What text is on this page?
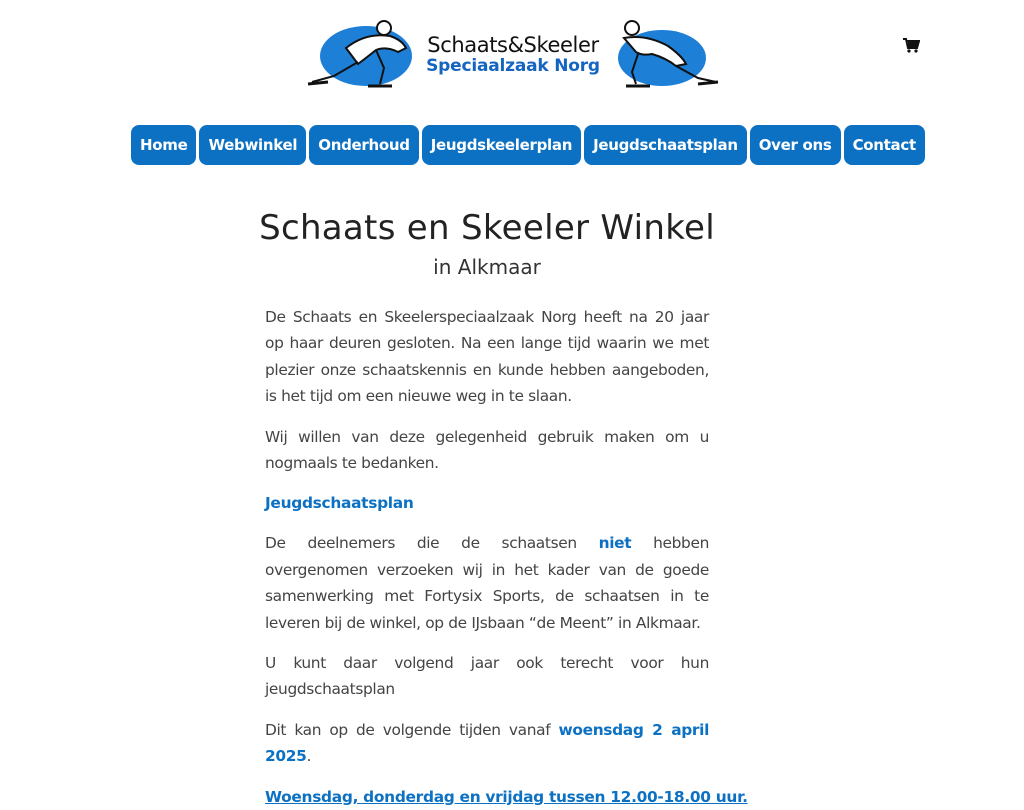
Schaats&Skeeler
Speciaalzaak Norg
Home	Webwinkel	Onderhoud	Jeugdskeelerplan	Jeugdschaatsplan	Over ons	Contact
Schaats en Skeeler Winkel
in Alkmaar

De Schaats en Skeelerspeciaalzaak Norg heeft na 20 jaar op haar deuren gesloten. Na een lange tijd waarin we met plezier onze schaatskennis en kunde hebben aangeboden, is het tijd om een nieuwe weg in te slaan.

Wij willen van deze gelegenheid gebruik maken om u nogmaals te bedanken.

Jeugdschaatsplan

De deelnemers die de schaatsen niet hebben overgenomen verzoeken wij in het kader van de goede samenwerking met Fortysix Sports, de schaatsen in te leveren bij de winkel, op de IJsbaan “de Meent” in Alkmaar.

U kunt daar volgend jaar ook terecht voor hun jeugdschaatsplan

Dit kan op de volgende tijden vanaf woensdag 2 april 2025.

Woensdag, donderdag en vrijdag tussen 12.00-18.00 uur.
